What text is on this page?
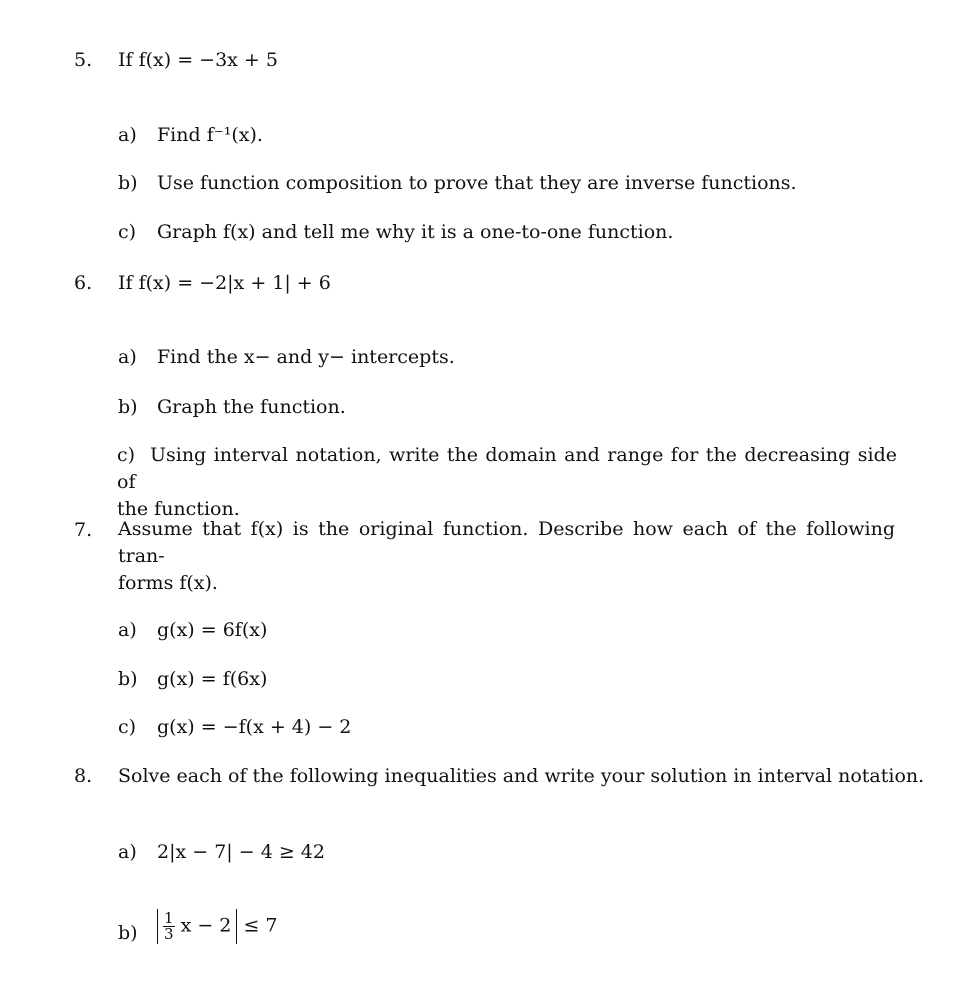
5. If f(x) = −3x + 5
a) Find f⁻¹(x).
b) Use function composition to prove that they are inverse functions.
c) Graph f(x) and tell me why it is a one-to-one function.
6. If f(x) = −2|x + 1| + 6
a) Find the x− and y− intercepts.
b) Graph the function.
c) Using interval notation, write the domain and range for the decreasing side of
the function.
7. Assume that f(x) is the original function. Describe how each of the following tran-
forms f(x).
a) g(x) = 6f(x)
b) g(x) = f(6x)
c) g(x) = −f(x + 4) − 2
8. Solve each of the following inequalities and write your solution in interval notation.
a) 2|x − 7| − 4 ≥ 42
$b) \frac{1}{3}$ x − 2 ≤ 7
